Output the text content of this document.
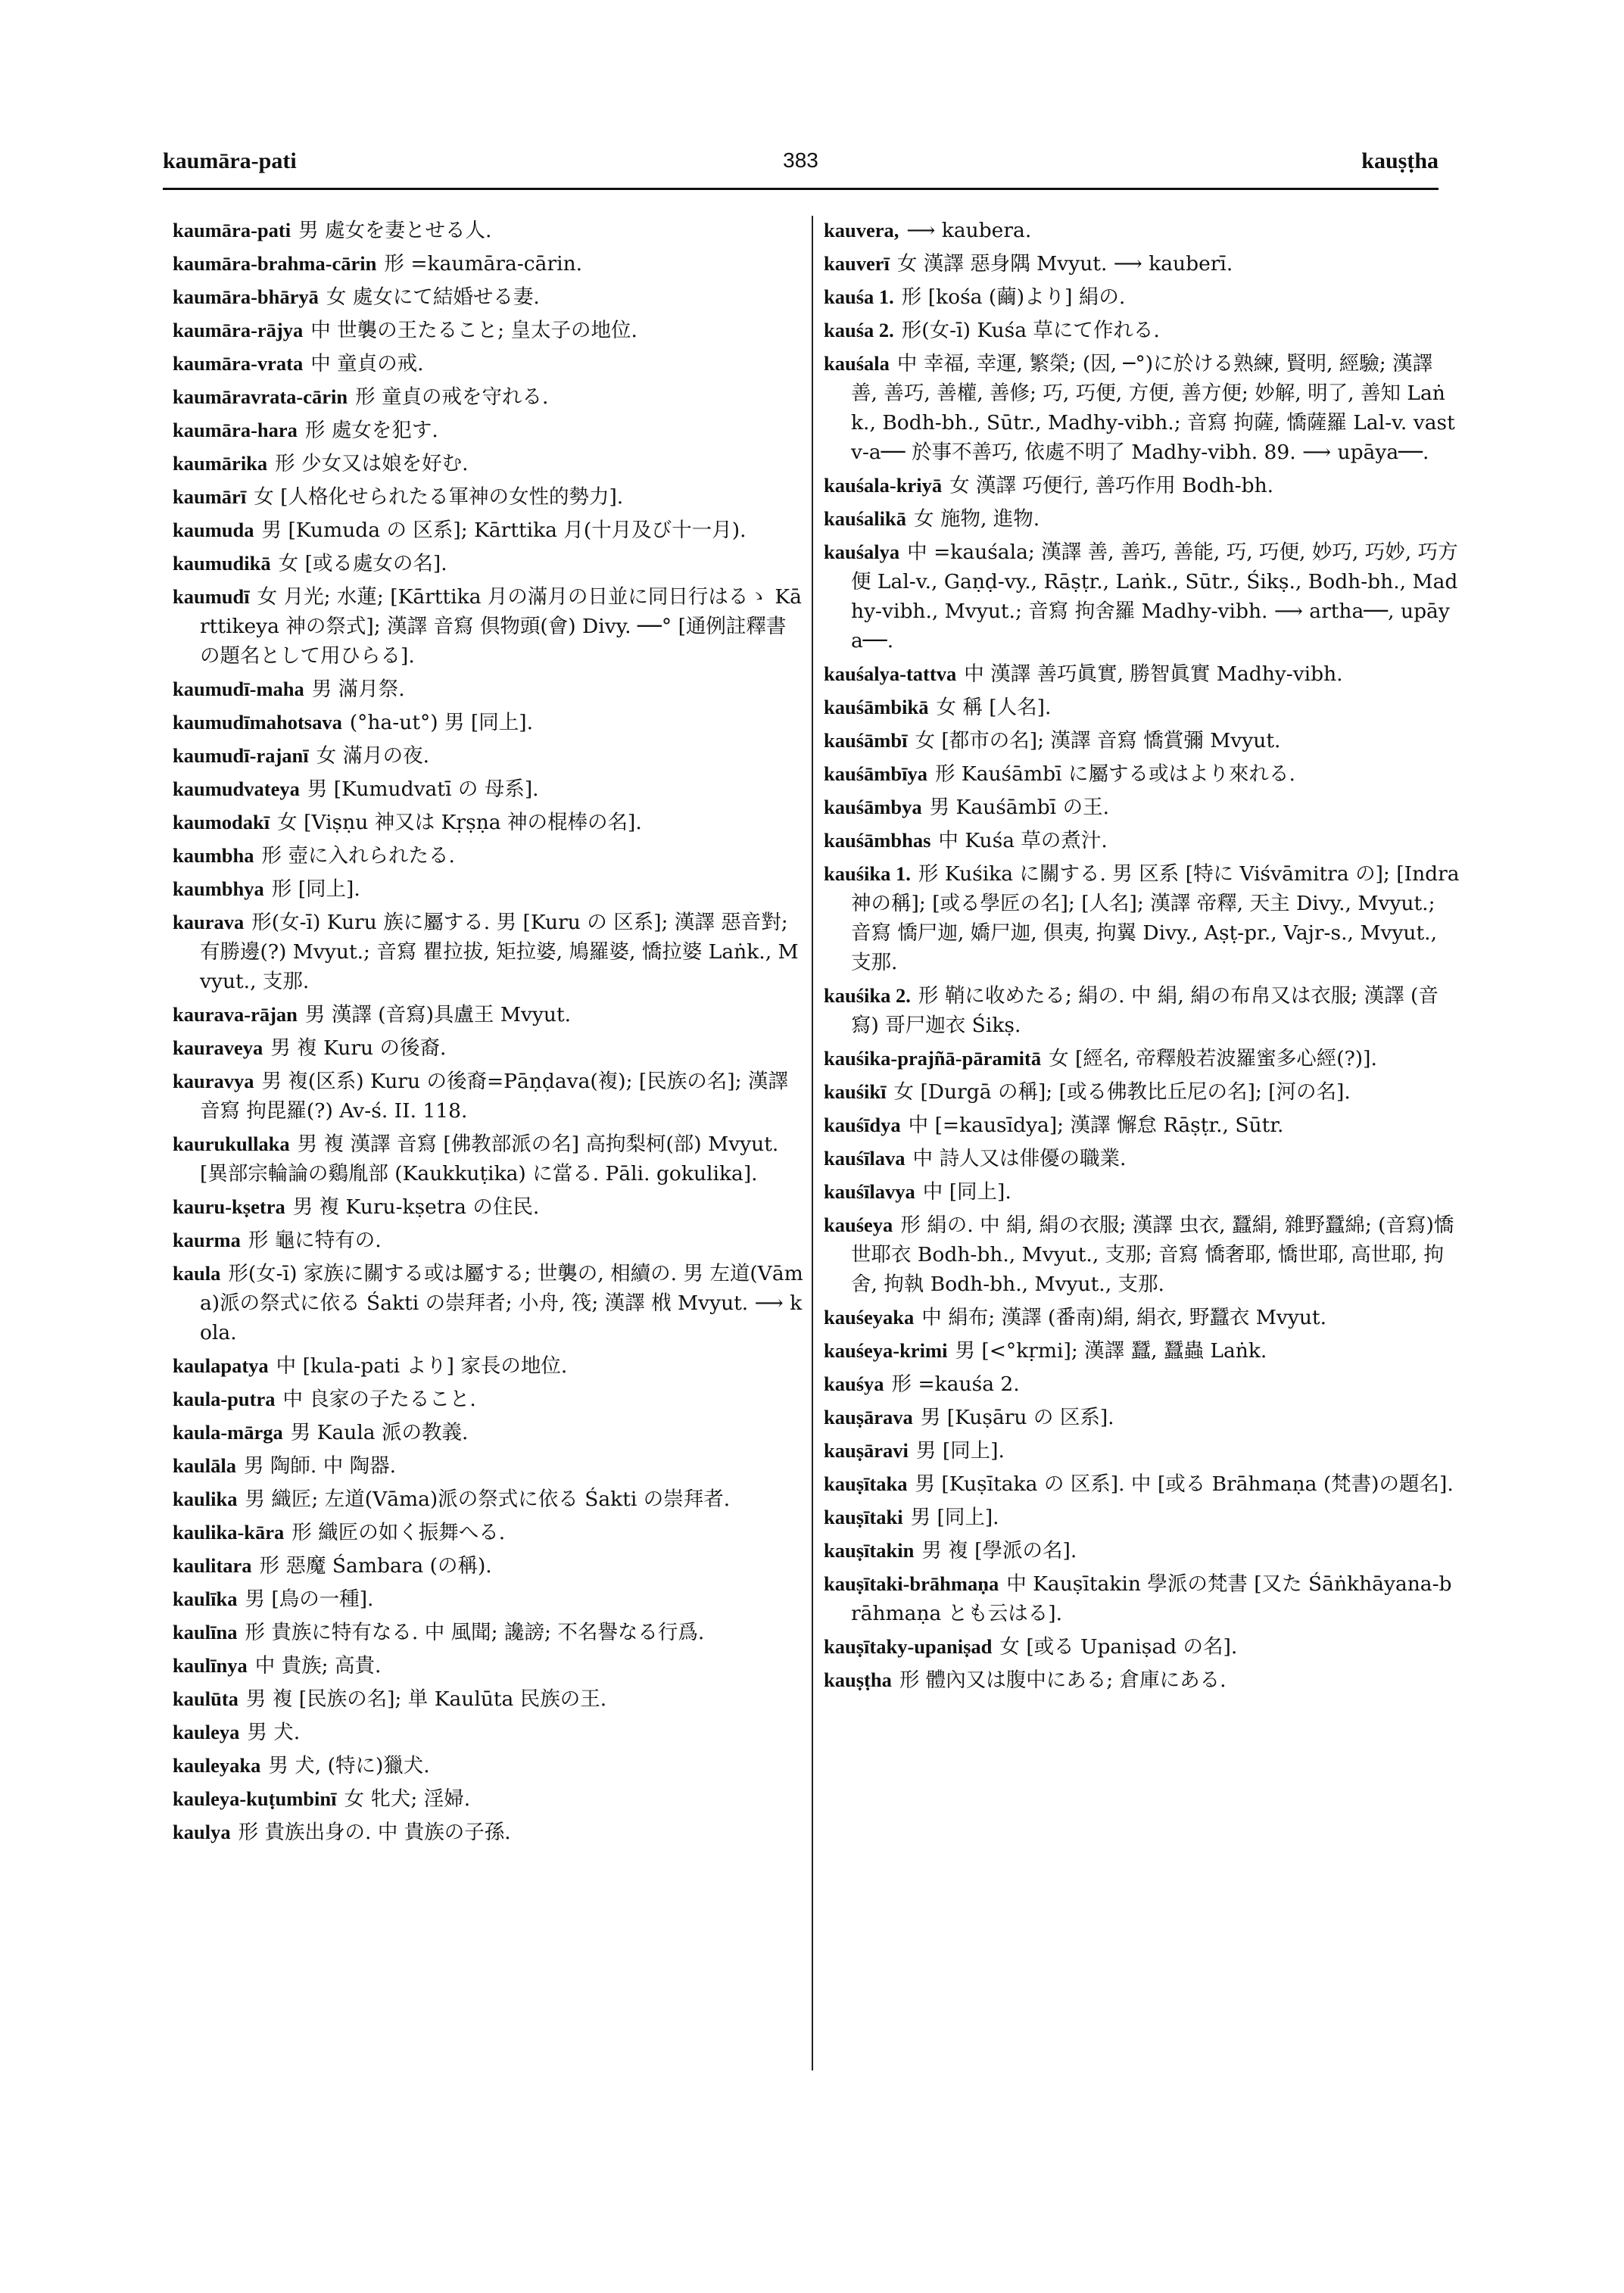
kaumāra-pati	383	kauṣṭha
kaumāra-pati 男 處女を妻とせる人.
kaumāra-brahma-cārin 形 =kaumāra-cārin.
kaumāra-bhāryā 女 處女にて結婚せる妻.
kaumāra-rājya 中 世襲の王たること; 皇太子の地位.
kaumāra-vrata 中 童貞の戒.
kaumāravrata-cārin 形 童貞の戒を守れる.
kaumāra-hara 形 處女を犯す.
kaumārika 形 少女又は娘を好む.
kaumārī 女 [人格化せられたる軍神の女性的勢力].
kaumuda 男 [Kumuda の 区系]; Kārttika 月(十月及び十一月).
kaumudikā 女 [或る處女の名].
kaumudī 女 月光; 水蓮; [Kārttika 月の滿月の日並に同日行はるゝ Kārttikeya 神の祭式]; 漢譯 音寫 倶物頭(會) Divy. ──° [通例註釋書の題名として用ひらる].
kaumudī-maha 男 滿月祭.
kaumudīmahotsava (°ha-ut°) 男 [同上].
kaumudī-rajanī 女 滿月の夜.
kaumudvateya 男 [Kumudvatī の 母系].
kaumodakī 女 [Viṣṇu 神又は Kṛṣṇa 神の棍棒の名].
kaumbha 形 壺に入れられたる.
kaumbhya 形 [同上].
kaurava 形(女-ī) Kuru 族に屬する. 男 [Kuru の 区系]; 漢譯 惡音對; 有勝邊(?) Mvyut.; 音寫 瞿拉拔, 矩拉婆, 鳩羅婆, 憍拉婆 Laṅk., Mvyut., 支那.
kaurava-rājan 男 漢譯 (音寫)具盧王 Mvyut.
kauraveya 男 複 Kuru の後裔.
kauravya 男 複(区系) Kuru の後裔=Pāṇḍava(複); [民族の名]; 漢譯 音寫 拘毘羅(?) Av-ś. II. 118.
kaurukullaka 男 複 漢譯 音寫 [佛教部派の名] 高拘梨柯(部) Mvyut. [異部宗輪論の鷄胤部 (Kaukkuṭika) に當る. Pāli. gokulika].
kauru-kṣetra 男 複 Kuru-kṣetra の住民.
kaurma 形 龜に特有の.
kaula 形(女-ī) 家族に關する或は屬する; 世襲の, 相續の. 男 左道(Vāma)派の祭式に依る Śakti の崇拜者; 小舟, 筏; 漢譯 栰 Mvyut. ⟶ kola.
kaulapatya 中 [kula-pati より] 家長の地位.
kaula-putra 中 良家の子たること.
kaula-mārga 男 Kaula 派の教義.
kaulāla 男 陶師. 中 陶器.
kaulika 男 織匠; 左道(Vāma)派の祭式に依る Śakti の崇拜者.
kaulika-kāra 形 織匠の如く振舞へる.
kaulitara 形 惡魔 Śambara (の稱).
kaulīka 男 [鳥の一種].
kaulīna 形 貴族に特有なる. 中 風聞; 讒謗; 不名譽なる行爲.
kaulīnya 中 貴族; 高貴.
kaulūta 男 複 [民族の名]; 単 Kaulūta 民族の王.
kauleya 男 犬.
kauleyaka 男 犬, (特に)獵犬.
kauleya-kuṭumbinī 女 牝犬; 淫婦.
kaulya 形 貴族出身の. 中 貴族の子孫.
kauvera, ⟶ kaubera.
kauverī 女 漢譯 惡身隅 Mvyut. ⟶ kauberī.
kauśa 1. 形 [kośa (繭)より] 絹の.
kauśa 2. 形(女-ī) Kuśa 草にて作れる.
kauśala 中 幸福, 幸運, 繁榮; (因, ─°)に於ける熟練, 賢明, 經驗; 漢譯 善, 善巧, 善權, 善修; 巧, 巧便, 方便, 善方便; 妙解, 明了, 善知 Laṅk., Bodh-bh., Sūtr., Madhy-vibh.; 音寫 拘薩, 憍薩羅 Lal-v. vastv-a── 於事不善巧, 依處不明了 Madhy-vibh. 89. ⟶ upāya──.
kauśala-kriyā 女 漢譯 巧便行, 善巧作用 Bodh-bh.
kauśalikā 女 施物, 進物.
kauśalya 中 =kauśala; 漢譯 善, 善巧, 善能, 巧, 巧便, 妙巧, 巧妙, 巧方便 Lal-v., Gaṇḍ-vy., Rāṣṭr., Laṅk., Sūtr., Śikṣ., Bodh-bh., Madhy-vibh., Mvyut.; 音寫 拘舍羅 Madhy-vibh. ⟶ artha──, upāya──.
kauśalya-tattva 中 漢譯 善巧眞實, 勝智眞實 Madhy-vibh.
kauśāmbikā 女 稱 [人名].
kauśāmbī 女 [都市の名]; 漢譯 音寫 憍賞彌 Mvyut.
kauśāmbīya 形 Kauśāmbī に屬する或はより來れる.
kauśāmbya 男 Kauśāmbī の王.
kauśāmbhas 中 Kuśa 草の煮汁.
kauśika 1. 形 Kuśika に關する. 男 区系 [特に Viśvāmitra の]; [Indra 神の稱]; [或る學匠の名]; [人名]; 漢譯 帝釋, 天主 Divy., Mvyut.; 音寫 憍尸迦, 嬌尸迦, 倶夷, 拘翼 Divy., Aṣṭ-pr., Vajr-s., Mvyut., 支那.
kauśika 2. 形 鞘に收めたる; 絹の. 中 絹, 絹の布帛又は衣服; 漢譯 (音寫) 哥尸迦衣 Śikṣ.
kauśika-prajñā-pāramitā 女 [經名, 帝釋般若波羅蜜多心經(?)].
kauśikī 女 [Durgā の稱]; [或る佛教比丘尼の名]; [河の名].
kauśīdya 中 [=kausīdya]; 漢譯 懈怠 Rāṣṭr., Sūtr.
kauśīlava 中 詩人又は俳優の職業.
kauśīlavya 中 [同上].
kauśeya 形 絹の. 中 絹, 絹の衣服; 漢譯 虫衣, 蠶絹, 雜野蠶綿; (音寫)憍世耶衣 Bodh-bh., Mvyut., 支那; 音寫 憍奢耶, 憍世耶, 高世耶, 拘舍, 拘執 Bodh-bh., Mvyut., 支那.
kauśeyaka 中 絹布; 漢譯 (番南)絹, 絹衣, 野蠶衣 Mvyut.
kauśeya-krimi 男 [<°kṛmi]; 漢譯 蠶, 蠶蟲 Laṅk.
kauśya 形 =kauśa 2.
kauṣārava 男 [Kuṣāru の 区系].
kauṣāravi 男 [同上].
kauṣītaka 男 [Kuṣītaka の 区系]. 中 [或る Brāhmaṇa (梵書)の題名].
kauṣītaki 男 [同上].
kauṣītakin 男 複 [學派の名].
kauṣītaki-brāhmaṇa 中 Kauṣītakin 學派の梵書 [又た Śāṅkhāyana-brāhmaṇa とも云はる].
kauṣītaky-upaniṣad 女 [或る Upaniṣad の名].
kauṣṭha 形 體內又は腹中にある; 倉庫にある.
